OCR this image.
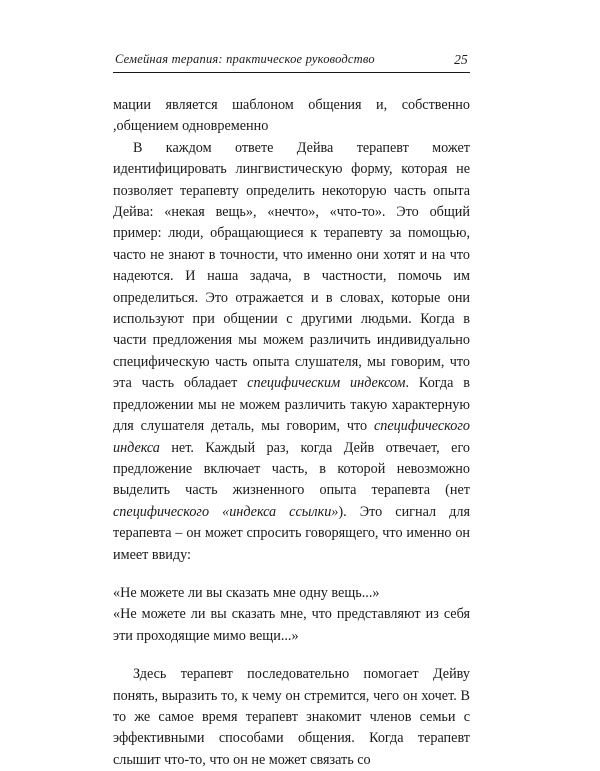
Семейная терапия: практическое руководство	25

мации является шаблоном общения и, собственно ,общением одновременно

В каждом ответе Дейва терапевт может идентифицировать лингвистическую форму, которая не позволяет терапевту определить некоторую часть опыта Дейва: «некая вещь», «нечто», «что-то». Это общий пример: люди, обращающиеся к терапевту за помощью, часто не знают в точности, что именно они хотят и на что надеются. И наша задача, в частности, помочь им определиться. Это отражается и в словах, которые они используют при общении с другими людьми. Когда в части предложения мы можем различить индивидуально специфическую часть опыта слушателя, мы говорим, что эта часть обладает специфическим индексом. Когда в предложении мы не можем различить такую характерную для слушателя деталь, мы говорим, что специфического индекса нет. Каждый раз, когда Дейв отвечает, его предложение включает часть, в которой невозможно выделить часть жизненного опыта терапевта (нет специфического «индекса ссылки»). Это сигнал для терапевта – он может спросить говорящего, что именно он имеет ввиду:

«Не можете ли вы сказать мне одну вещь...»

«Не можете ли вы сказать мне, что представляют из себя эти проходящие мимо вещи...»

Здесь терапевт последовательно помогает Дейву понять, выразить то, к чему он стремится, чего он хочет. В то же самое время терапевт знакомит членов семьи с эффективными способами общения. Когда терапевт слышит что-то, что он не может связать со
